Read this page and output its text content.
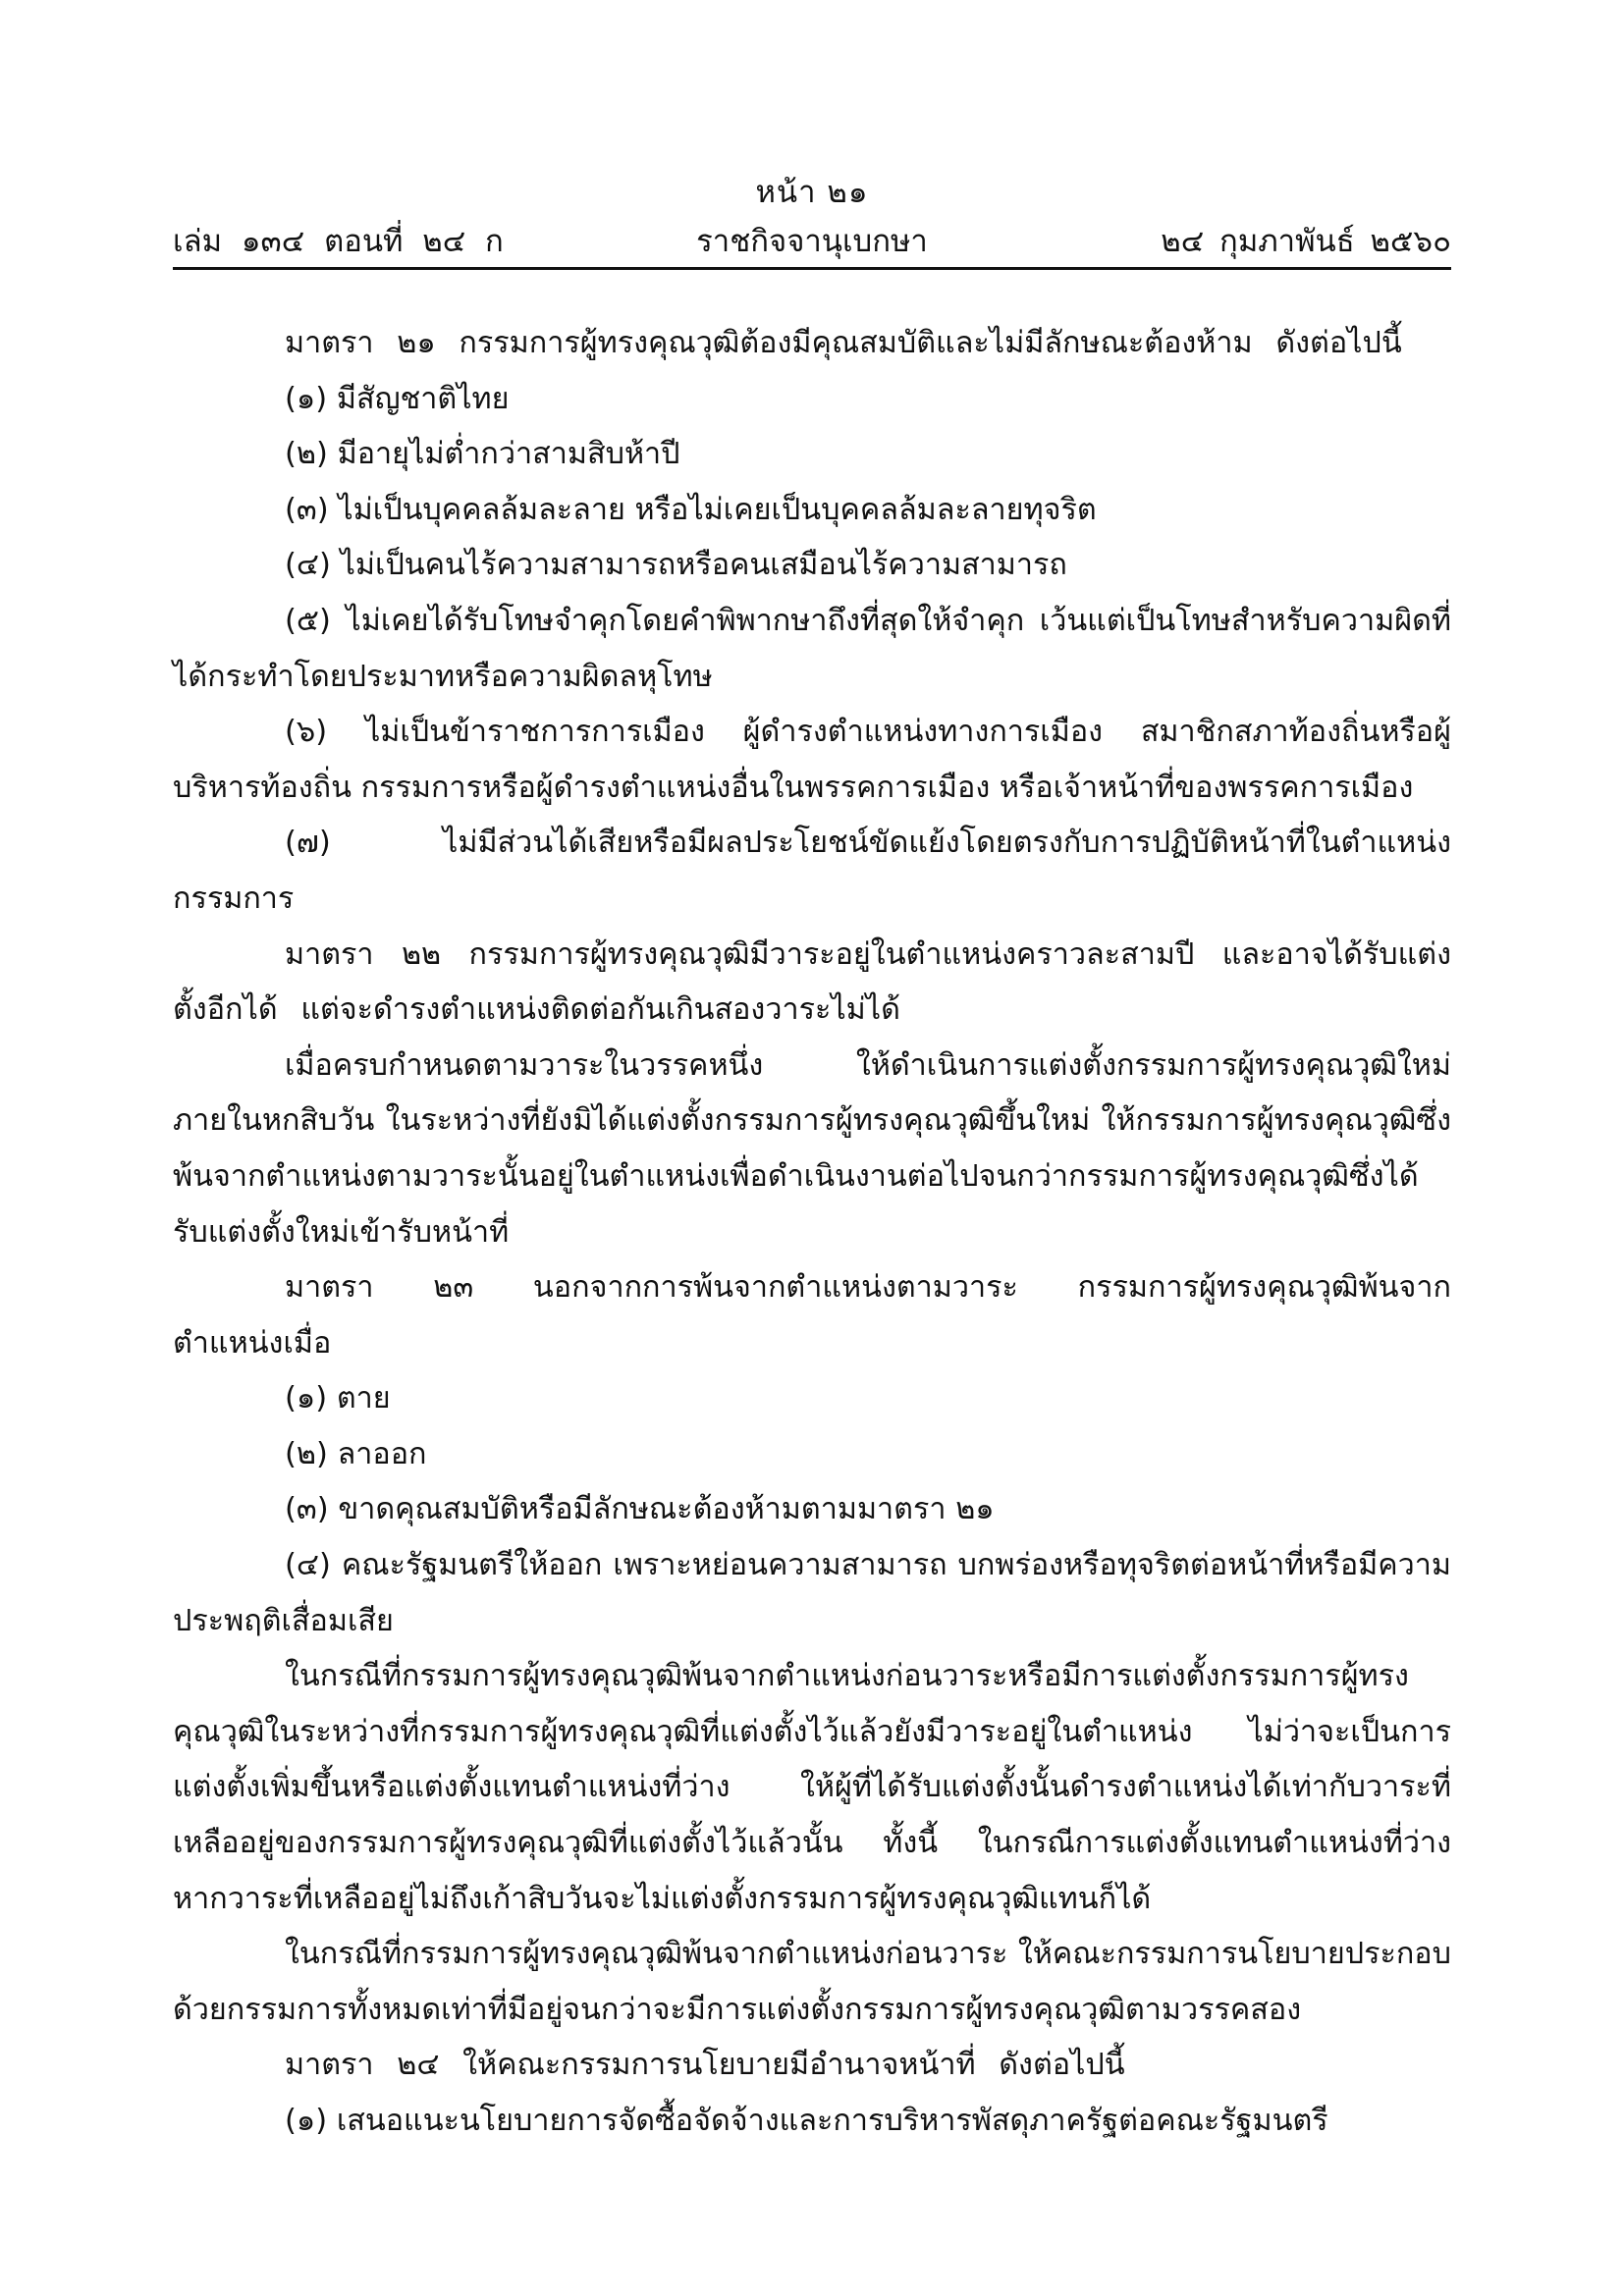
หน้า ๒๑
เล่ม ๑๓๔ ตอนที่ ๒๔ ก	ราชกิจจานุเบกษา	๒๔ กุมภาพันธ์ ๒๕๖๐

มาตรา ๒๑ กรรมการผู้ทรงคุณวุฒิต้องมีคุณสมบัติและไม่มีลักษณะต้องห้าม ดังต่อไปนี้

(๑) มีสัญชาติไทย

(๒) มีอายุไม่ต่ำกว่าสามสิบห้าปี

(๓) ไม่เป็นบุคคลล้มละลาย หรือไม่เคยเป็นบุคคลล้มละลายทุจริต

(๔) ไม่เป็นคนไร้ความสามารถหรือคนเสมือนไร้ความสามารถ

(๕) ไม่เคยได้รับโทษจำคุกโดยคำพิพากษาถึงที่สุดให้จำคุก เว้นแต่เป็นโทษสำหรับความผิดที่ได้กระทำโดยประมาทหรือความผิดลหุโทษ

(๖) ไม่เป็นข้าราชการการเมือง ผู้ดำรงตำแหน่งทางการเมือง สมาชิกสภาท้องถิ่นหรือผู้บริหารท้องถิ่น กรรมการหรือผู้ดำรงตำแหน่งอื่นในพรรคการเมือง หรือเจ้าหน้าที่ของพรรคการเมือง

(๗) ไม่มีส่วนได้เสียหรือมีผลประโยชน์ขัดแย้งโดยตรงกับการปฏิบัติหน้าที่ในตำแหน่งกรรมการ

มาตรา ๒๒ กรรมการผู้ทรงคุณวุฒิมีวาระอยู่ในตำแหน่งคราวละสามปี และอาจได้รับแต่งตั้งอีกได้ แต่จะดำรงตำแหน่งติดต่อกันเกินสองวาระไม่ได้

เมื่อครบกำหนดตามวาระในวรรคหนึ่ง ให้ดำเนินการแต่งตั้งกรรมการผู้ทรงคุณวุฒิใหม่ภายในหกสิบวัน ในระหว่างที่ยังมิได้แต่งตั้งกรรมการผู้ทรงคุณวุฒิขึ้นใหม่ ให้กรรมการผู้ทรงคุณวุฒิซึ่งพ้นจากตำแหน่งตามวาระนั้นอยู่ในตำแหน่งเพื่อดำเนินงานต่อไปจนกว่ากรรมการผู้ทรงคุณวุฒิซึ่งได้รับแต่งตั้งใหม่เข้ารับหน้าที่

มาตรา ๒๓ นอกจากการพ้นจากตำแหน่งตามวาระ กรรมการผู้ทรงคุณวุฒิพ้นจากตำแหน่งเมื่อ

(๑) ตาย

(๒) ลาออก

(๓) ขาดคุณสมบัติหรือมีลักษณะต้องห้ามตามมาตรา ๒๑

(๔) คณะรัฐมนตรีให้ออก เพราะหย่อนความสามารถ บกพร่องหรือทุจริตต่อหน้าที่หรือมีความประพฤติเสื่อมเสีย

ในกรณีที่กรรมการผู้ทรงคุณวุฒิพ้นจากตำแหน่งก่อนวาระหรือมีการแต่งตั้งกรรมการผู้ทรงคุณวุฒิในระหว่างที่กรรมการผู้ทรงคุณวุฒิที่แต่งตั้งไว้แล้วยังมีวาระอยู่ในตำแหน่ง ไม่ว่าจะเป็นการแต่งตั้งเพิ่มขึ้นหรือแต่งตั้งแทนตำแหน่งที่ว่าง ให้ผู้ที่ได้รับแต่งตั้งนั้นดำรงตำแหน่งได้เท่ากับวาระที่เหลืออยู่ของกรรมการผู้ทรงคุณวุฒิที่แต่งตั้งไว้แล้วนั้น ทั้งนี้ ในกรณีการแต่งตั้งแทนตำแหน่งที่ว่าง หากวาระที่เหลืออยู่ไม่ถึงเก้าสิบวันจะไม่แต่งตั้งกรรมการผู้ทรงคุณวุฒิแทนก็ได้

ในกรณีที่กรรมการผู้ทรงคุณวุฒิพ้นจากตำแหน่งก่อนวาระ ให้คณะกรรมการนโยบายประกอบด้วยกรรมการทั้งหมดเท่าที่มีอยู่จนกว่าจะมีการแต่งตั้งกรรมการผู้ทรงคุณวุฒิตามวรรคสอง

มาตรา ๒๔ ให้คณะกรรมการนโยบายมีอำนาจหน้าที่ ดังต่อไปนี้

(๑) เสนอแนะนโยบายการจัดซื้อจัดจ้างและการบริหารพัสดุภาครัฐต่อคณะรัฐมนตรี
